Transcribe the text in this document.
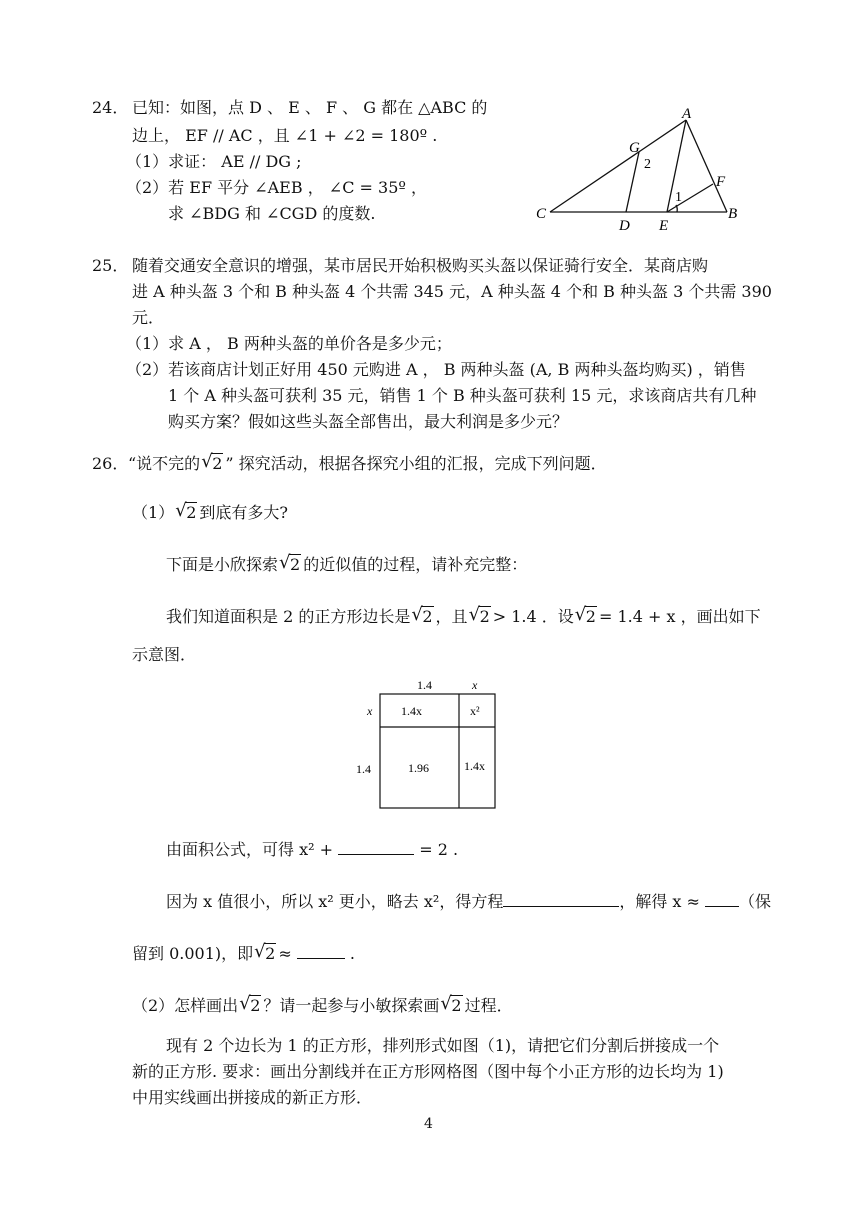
24． 已知：如图，点 D 、 E 、 F 、 G 都在 △ABC 的
边上， EF // AC ，且 ∠1 + ∠2 = 180º .
（1）求证： AE // DG ;
（2）若 EF 平分 ∠AEB ， ∠C = 35º ，
求 ∠BDG 和 ∠CGD 的度数.
A
G
2
F
1
C
D E
B
25． 随着交通安全意识的增强，某市居民开始积极购买头盔以保证骑行安全．某商店购
进 A 种头盔 3 个和 B 种头盔 4 个共需 345 元，A 种头盔 4 个和 B 种头盔 3 个共需 390
元．
（1）求 A ， B 两种头盔的单价各是多少元；
（2）若该商店计划正好用 450 元购进 A ， B 两种头盔 (A, B 两种头盔均购买) ，销售
1 个 A 种头盔可获利 35 元，销售 1 个 B 种头盔可获利 15 元，求该商店共有几种
购买方案？假如这些头盔全部售出，最大利润是多少元？
26． “说不完的 √ 2 ” 探究活动，根据各探究小组的汇报，完成下列问题．
（1） √ 2 到底有多大?
下面是小欣探索 √ 2 的近似值的过程，请补充完整：
我们知道面积是 2 的正方形边长是 √ 2 ，且 √ 2 > 1.4 ．设 √ 2 = 1.4 + x ，画出如下
示意图．
1.4	x
x
1.4
1.4x	x²
1.96	1.4x
由面积公式，可得 x² +	= 2 .
因为 x 值很小，所以 x² 更小，略去 x²，得方程	，解得 x ≈ （保
留到 0.001)，即 √ 2 ≈	.
（2）怎样画出 √ 2 ？请一起参与小敏探索画 √ 2 过程．
现有 2 个边长为 1 的正方形，排列形式如图（1)，请把它们分割后拼接成一个
新的正方形. 要求：画出分割线并在正方形网格图（图中每个小正方形的边长均为 1)
中用实线画出拼接成的新正方形．
4
